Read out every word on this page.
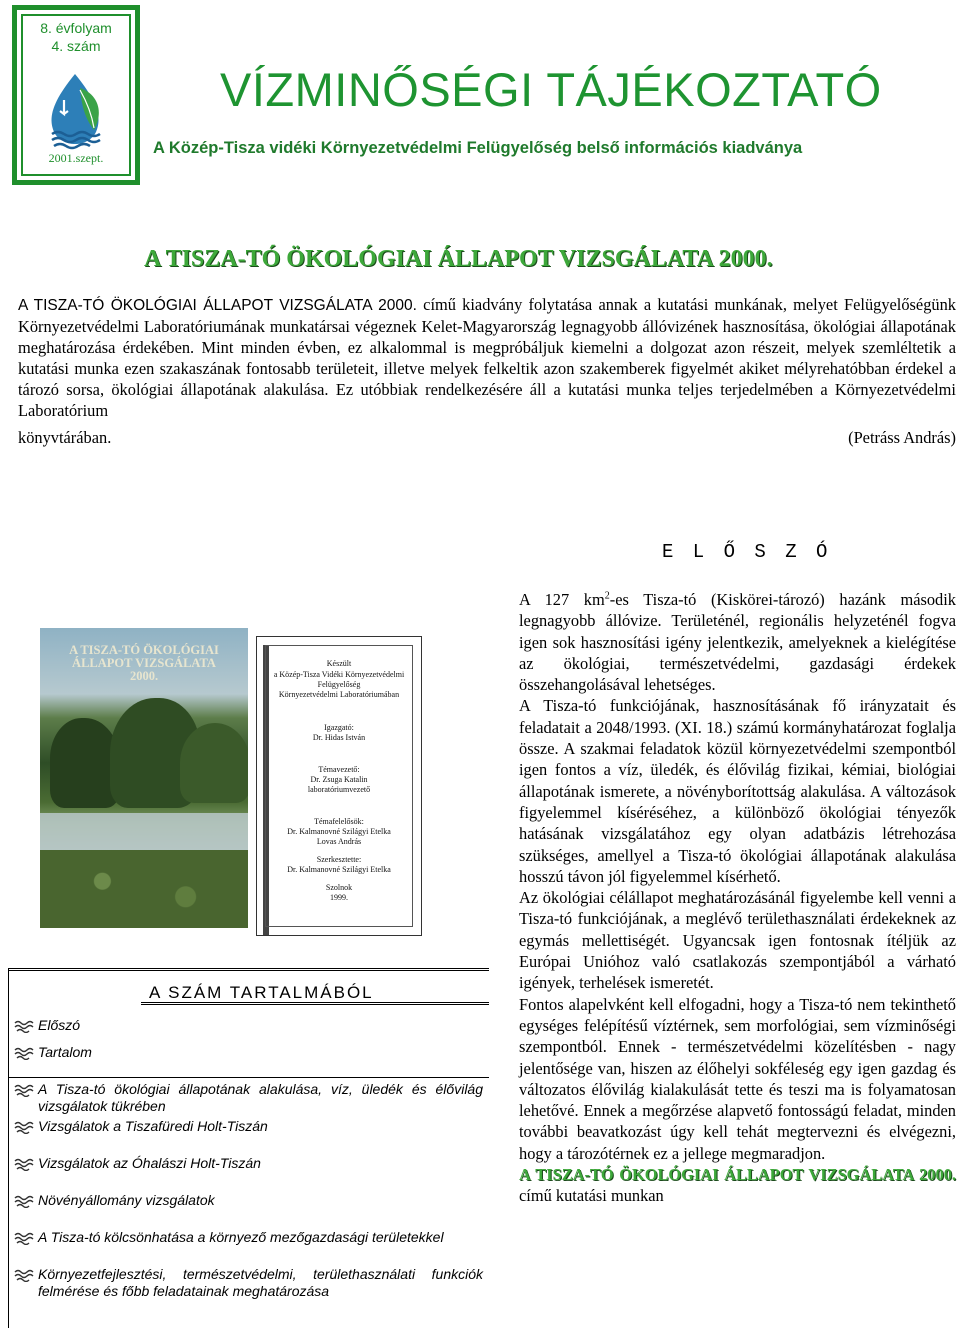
8. évfolyam
4. szám
2001.szept.
VÍZMINŐSÉGI TÁJÉKOZTATÓ
A Közép-Tisza vidéki Környezetvédelmi Felügyelőség belső információs kiadványa
A TISZA-TÓ ÖKOLÓGIAI ÁLLAPOT VIZSGÁLATA 2000.
A TISZA-TÓ ÖKOLÓGIAI ÁLLAPOT VIZSGÁLATA 2000. című kiadvány folytatása annak a kutatási munkának, melyet Felügyelőségünk Környezetvédelmi Laboratóriumának munkatársai végeznek Kelet-Magyarország legnagyobb állóvizének hasznosítása, ökológiai állapotának meghatározása érdekében. Mint minden évben, ez alkalommal is megpróbáljuk kiemelni a dolgozat azon részeit, melyek szemléltetik a kutatási munka ezen szakaszának fontosabb területeit, illetve melyek felkeltik azon szakemberek figyelmét akiket mélyrehatóbban érdekel a tározó sorsa, ökológiai állapotának alakulása. Ez utóbbiak rendelkezésére áll a kutatási munka teljes terjedelmében a Környezetvédelmi Laboratórium
könyvtárában.	(Petráss András)
E L Ő S Z Ó
A TISZA-TÓ ÖKOLÓGIAI
ÁLLAPOT VIZSGÁLATA
2000.
Készült
a Közép-Tisza Vidéki Környezetvédelmi
Felügyelőség
Környezetvédelmi Laboratóriumában
Igazgató:
Dr. Hidas István
Témavezető:
Dr. Zsuga Katalin
laboratóriumvezető
Témafelelősök:
Dr. Kalmanovné Szilágyi Etelka
Lovas András
Szerkesztette:
Dr. Kalmanovné Szilágyi Etelka
Szolnok
1999.
A SZÁM TARTALMÁBÓL
Előszó
Tartalom
A Tisza-tó ökológiai állapotának alakulása, víz, üledék és élővilág vizsgálatok tükrében
Vizsgálatok a Tiszafüredi Holt-Tiszán
Vizsgálatok az Óhalászi Holt-Tiszán
Növényállomány vizsgálatok
A Tisza-tó kölcsönhatása a környező mezőgazdasági területekkel
Környezetfejlesztési, természetvédelmi, területhasználati funkciók felmérése és főbb feladatainak meghatározása

A 127 $km^2-es$ Tisza-tó (Kiskörei-tározó) hazánk második legnagyobb állóvize. Területénél, regionális helyzeténél fogva igen sok hasznosítási igény jelentkezik, amelyeknek a kielégítése az ökológiai, természetvédelmi, gazdasági érdekek összehangolásával lehetséges.

A Tisza-tó funkciójának, hasznosításának fő irányzatait és feladatait a 2048/1993. (XI. 18.) számú kormányhatározat foglalja össze. A szakmai feladatok közül környezetvédelmi szempontból igen fontos a víz, üledék, és élővilág fizikai, kémiai, biológiai állapotának ismerete, a növényborítottság alakulása. A változások figyelemmel kíséréséhez, a különböző ökológiai tényezők hatásának vizsgálatához egy olyan adatbázis létrehozása szükséges, amellyel a Tisza-tó ökológiai állapotának alakulása hosszú távon jól figyelemmel kísérhető.

Az ökológiai célállapot meghatározásánál figyelembe kell venni a Tisza-tó funkciójának, a meglévő területhasználati érdekeknek az egymás mellettiségét. Ugyancsak igen fontosnak ítéljük az Európai Unióhoz való csatlakozás szempontjából a várható igények, terhelések ismeretét.

Fontos alapelvként kell elfogadni, hogy a Tisza-tó nem tekinthető egységes felépítésű víztérnek, sem morfológiai, sem vízminőségi szempontból. Ennek - természetvédelmi közelítésben - nagy jelentősége van, hiszen az élőhelyi sokféleség egy igen gazdag és változatos élővilág kialakulását tette és teszi ma is folyamatosan lehetővé. Ennek a megőrzése alapvető fontosságú feladat, minden további beavatkozást úgy kell tehát megtervezni és elvégezni, hogy a tározótérnek ez a jellege megmaradjon.

A TISZA-TÓ ÖKOLÓGIAI ÁLLAPOT VIZSGÁLATA 2000. című kutatási munkan
